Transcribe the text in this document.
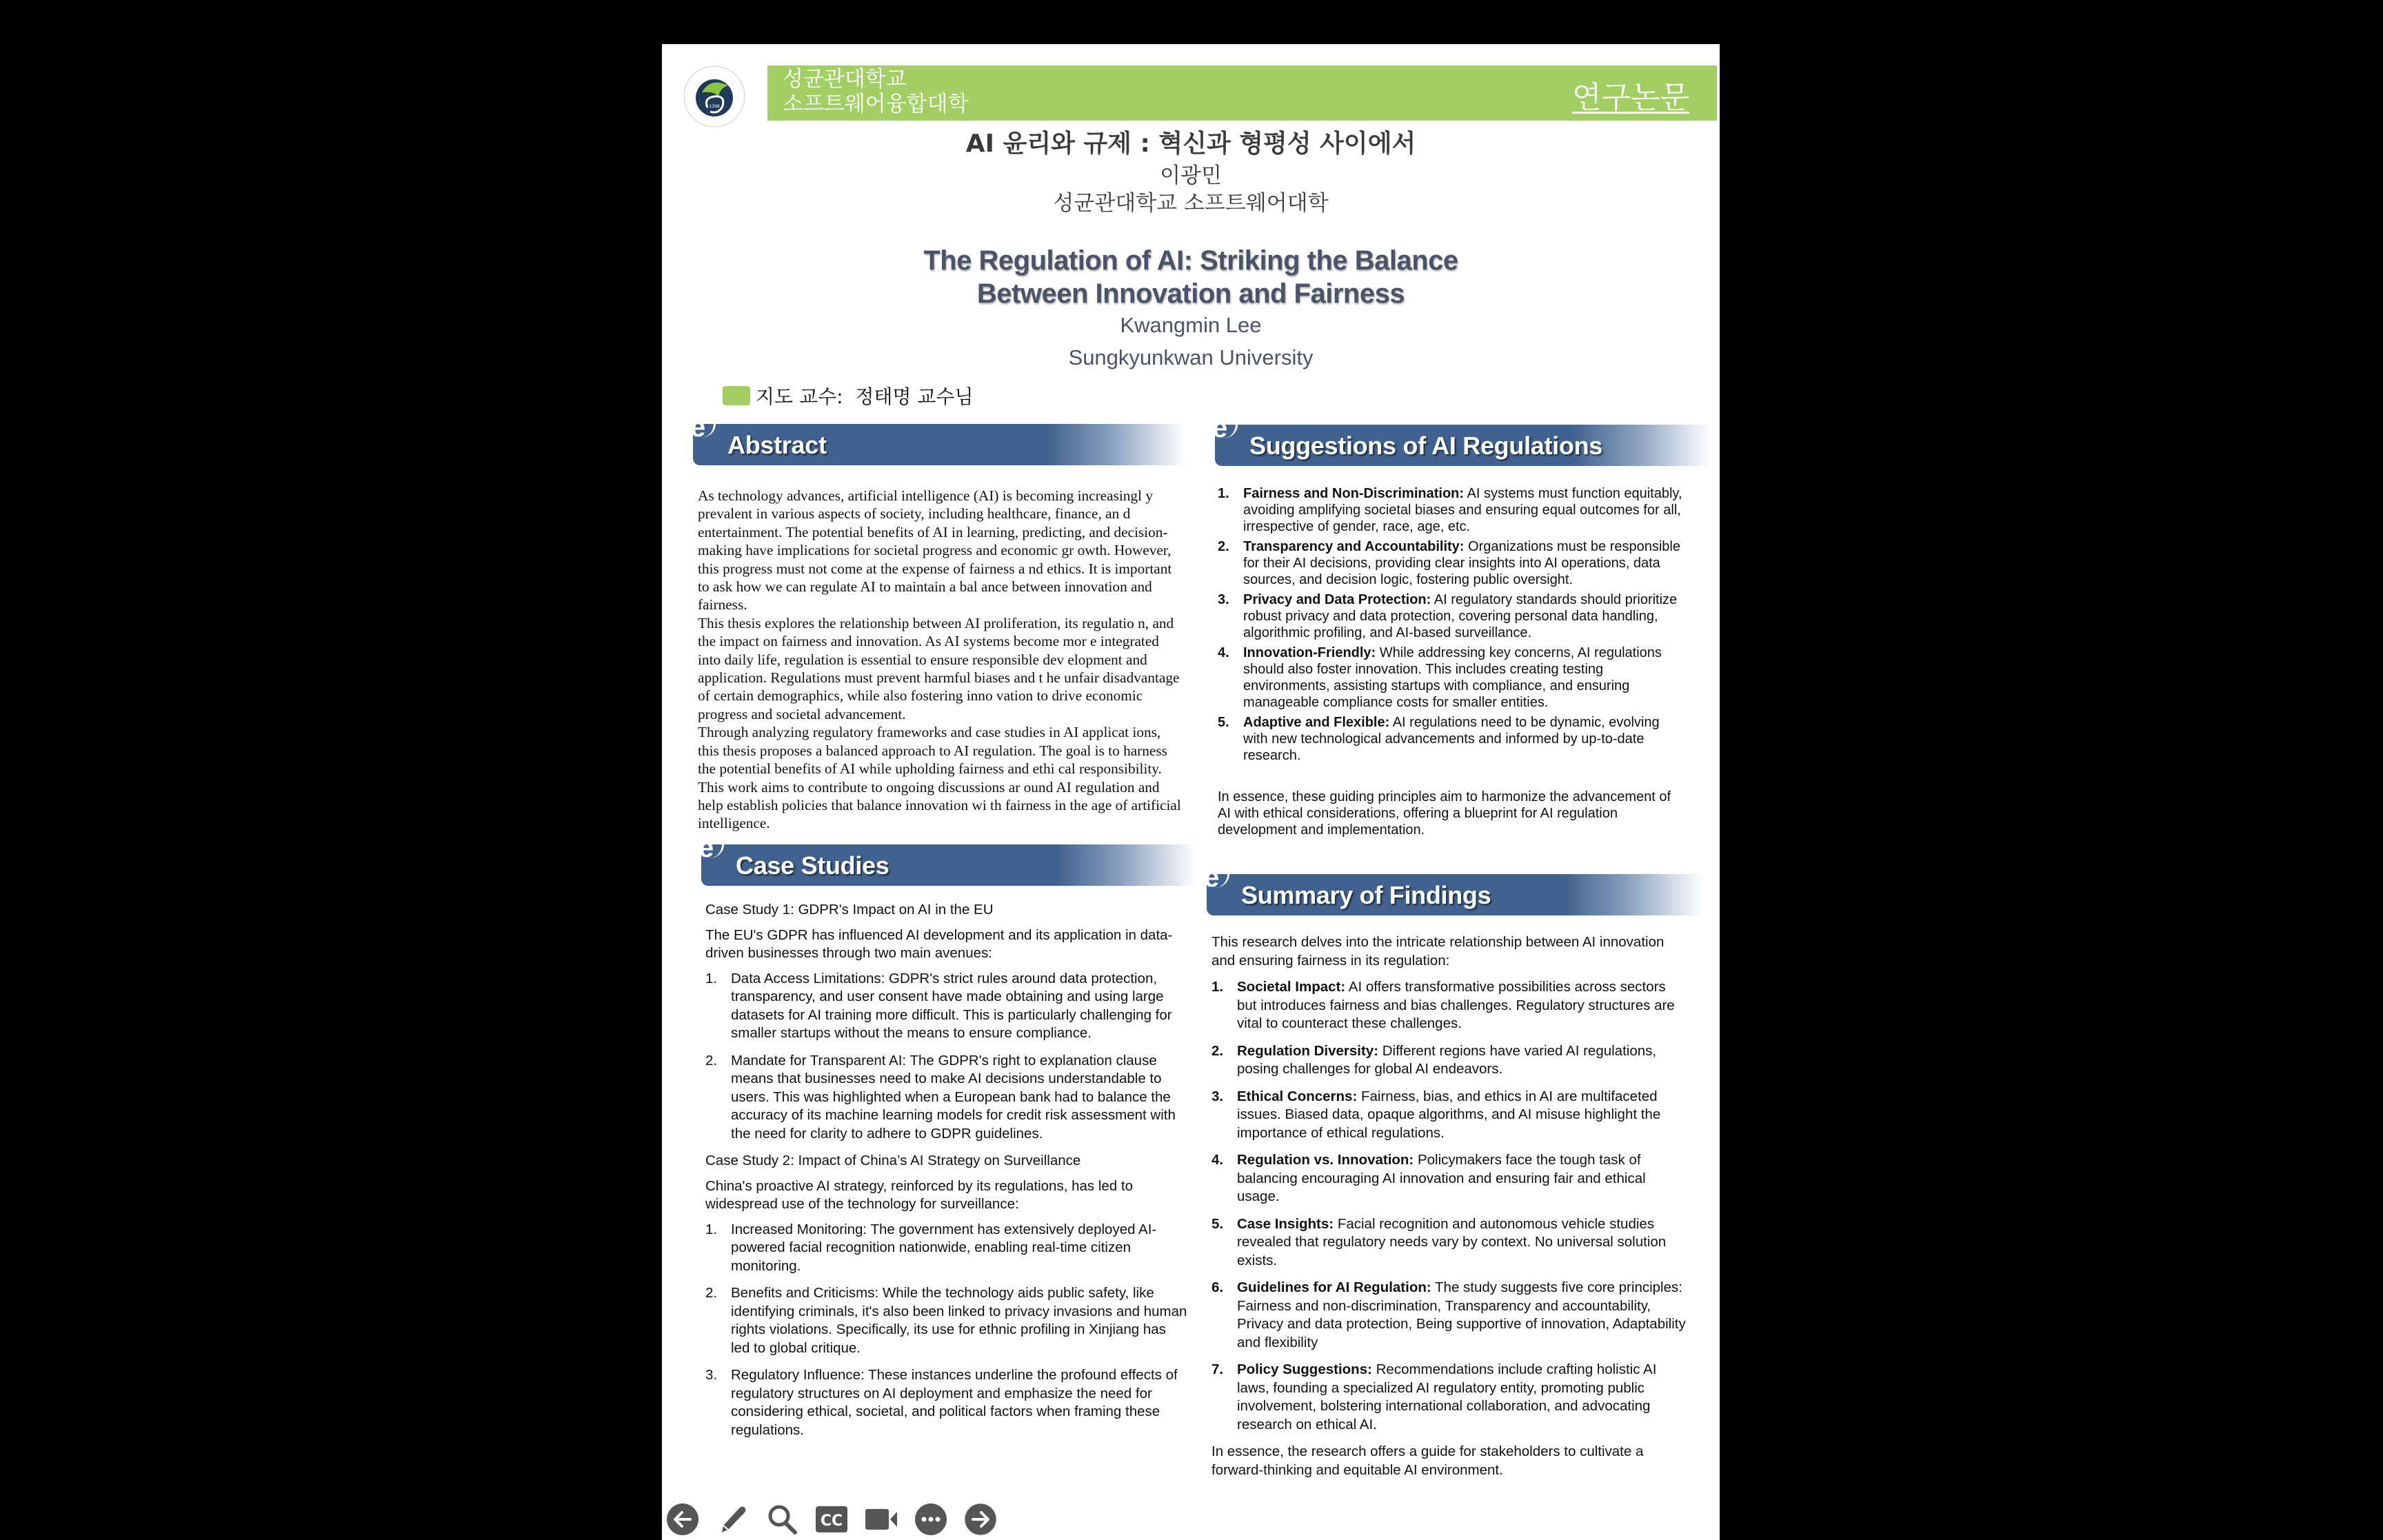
1398
성균관대학교
소프트웨어융합대학	연구논문
AI 윤리와 규제 : 혁신과 형평성 사이에서
이광민
성균관대학교 소프트웨어대학
The Regulation of AI: Striking the Balance
Between Innovation and Fairness
Kwangmin Lee
Sungkyunkwan University
지도 교수:  정태명 교수님
e
Abstract

As technology advances, artificial intelligence (AI) is becoming increasingl y prevalent in various aspects of society, including healthcare, finance, an d entertainment. The potential benefits of AI in learning, predicting, and decision-making have implications for societal progress and economic gr owth. However, this progress must not come at the expense of fairness a nd ethics. It is important to ask how we can regulate AI to maintain a bal ance between innovation and fairness.

This thesis explores the relationship between AI proliferation, its regulatio n, and the impact on fairness and innovation. As AI systems become mor e integrated into daily life, regulation is essential to ensure responsible dev elopment and application. Regulations must prevent harmful biases and t he unfair disadvantage of certain demographics, while also fostering inno vation to drive economic progress and societal advancement.

Through analyzing regulatory frameworks and case studies in AI applicat ions, this thesis proposes a balanced approach to AI regulation. The goal is to harness the potential benefits of AI while upholding fairness and ethi cal responsibility. This work aims to contribute to ongoing discussions ar ound AI regulation and help establish policies that balance innovation wi th fairness in the age of artificial intelligence.

e
Case Studies
Case Study 1: GDPR's Impact on AI in the EU
The EU's GDPR has influenced AI development and its application in data-driven businesses through two main avenues:
1. Data Access Limitations: GDPR's strict rules around data protection, transparency, and user consent have made obtaining and using large datasets for AI training more difficult. This is particularly challenging for smaller startups without the means to ensure compliance.
2. Mandate for Transparent AI: The GDPR's right to explanation clause means that businesses need to make AI decisions understandable to users. This was highlighted when a European bank had to balance the accuracy of its machine learning models for credit risk assessment with the need for clarity to adhere to GDPR guidelines.
Case Study 2: Impact of China’s AI Strategy on Surveillance
China's proactive AI strategy, reinforced by its regulations, has led to widespread use of the technology for surveillance:
1. Increased Monitoring: The government has extensively deployed AI-powered facial recognition nationwide, enabling real-time citizen monitoring.
2. Benefits and Criticisms: While the technology aids public safety, like identifying criminals, it's also been linked to privacy invasions and human rights violations. Specifically, its use for ethnic profiling in Xinjiang has led to global critique.
3. Regulatory Influence: These instances underline the profound effects of regulatory structures on AI deployment and emphasize the need for considering ethical, societal, and political factors when framing these regulations.
e
Suggestions of AI Regulations
1. Fairness and Non-Discrimination: AI systems must function equitably, avoiding amplifying societal biases and ensuring equal outcomes for all, irrespective of gender, race, age, etc.
2. Transparency and Accountability: Organizations must be responsible for their AI decisions, providing clear insights into AI operations, data sources, and decision logic, fostering public oversight.
3. Privacy and Data Protection: AI regulatory standards should prioritize robust privacy and data protection, covering personal data handling, algorithmic profiling, and AI-based surveillance.
4. Innovation-Friendly: While addressing key concerns, AI regulations should also foster innovation. This includes creating testing environments, assisting startups with compliance, and ensuring manageable compliance costs for smaller entities.
5. Adaptive and Flexible: AI regulations need to be dynamic, evolving with new technological advancements and informed by up-to-date research.
In essence, these guiding principles aim to harmonize the advancement of AI with ethical considerations, offering a blueprint for AI regulation development and implementation.
e
Summary of Findings
This research delves into the intricate relationship between AI innovation and ensuring fairness in its regulation:
1. Societal Impact: AI offers transformative possibilities across sectors but introduces fairness and bias challenges. Regulatory structures are vital to counteract these challenges.
2. Regulation Diversity: Different regions have varied AI regulations, posing challenges for global AI endeavors.
3. Ethical Concerns: Fairness, bias, and ethics in AI are multifaceted issues. Biased data, opaque algorithms, and AI misuse highlight the importance of ethical regulations.
4. Regulation vs. Innovation: Policymakers face the tough task of balancing encouraging AI innovation and ensuring fair and ethical usage.
5. Case Insights: Facial recognition and autonomous vehicle studies revealed that regulatory needs vary by context. No universal solution exists.
6. Guidelines for AI Regulation: The study suggests five core principles: Fairness and non-discrimination, Transparency and accountability, Privacy and data protection, Being supportive of innovation, Adaptability and flexibility
7. Policy Suggestions: Recommendations include crafting holistic AI laws, founding a specialized AI regulatory entity, promoting public involvement, bolstering international collaboration, and advocating research on ethical AI.
In essence, the research offers a guide for stakeholders to cultivate a forward-thinking and equitable AI environment.
CC
